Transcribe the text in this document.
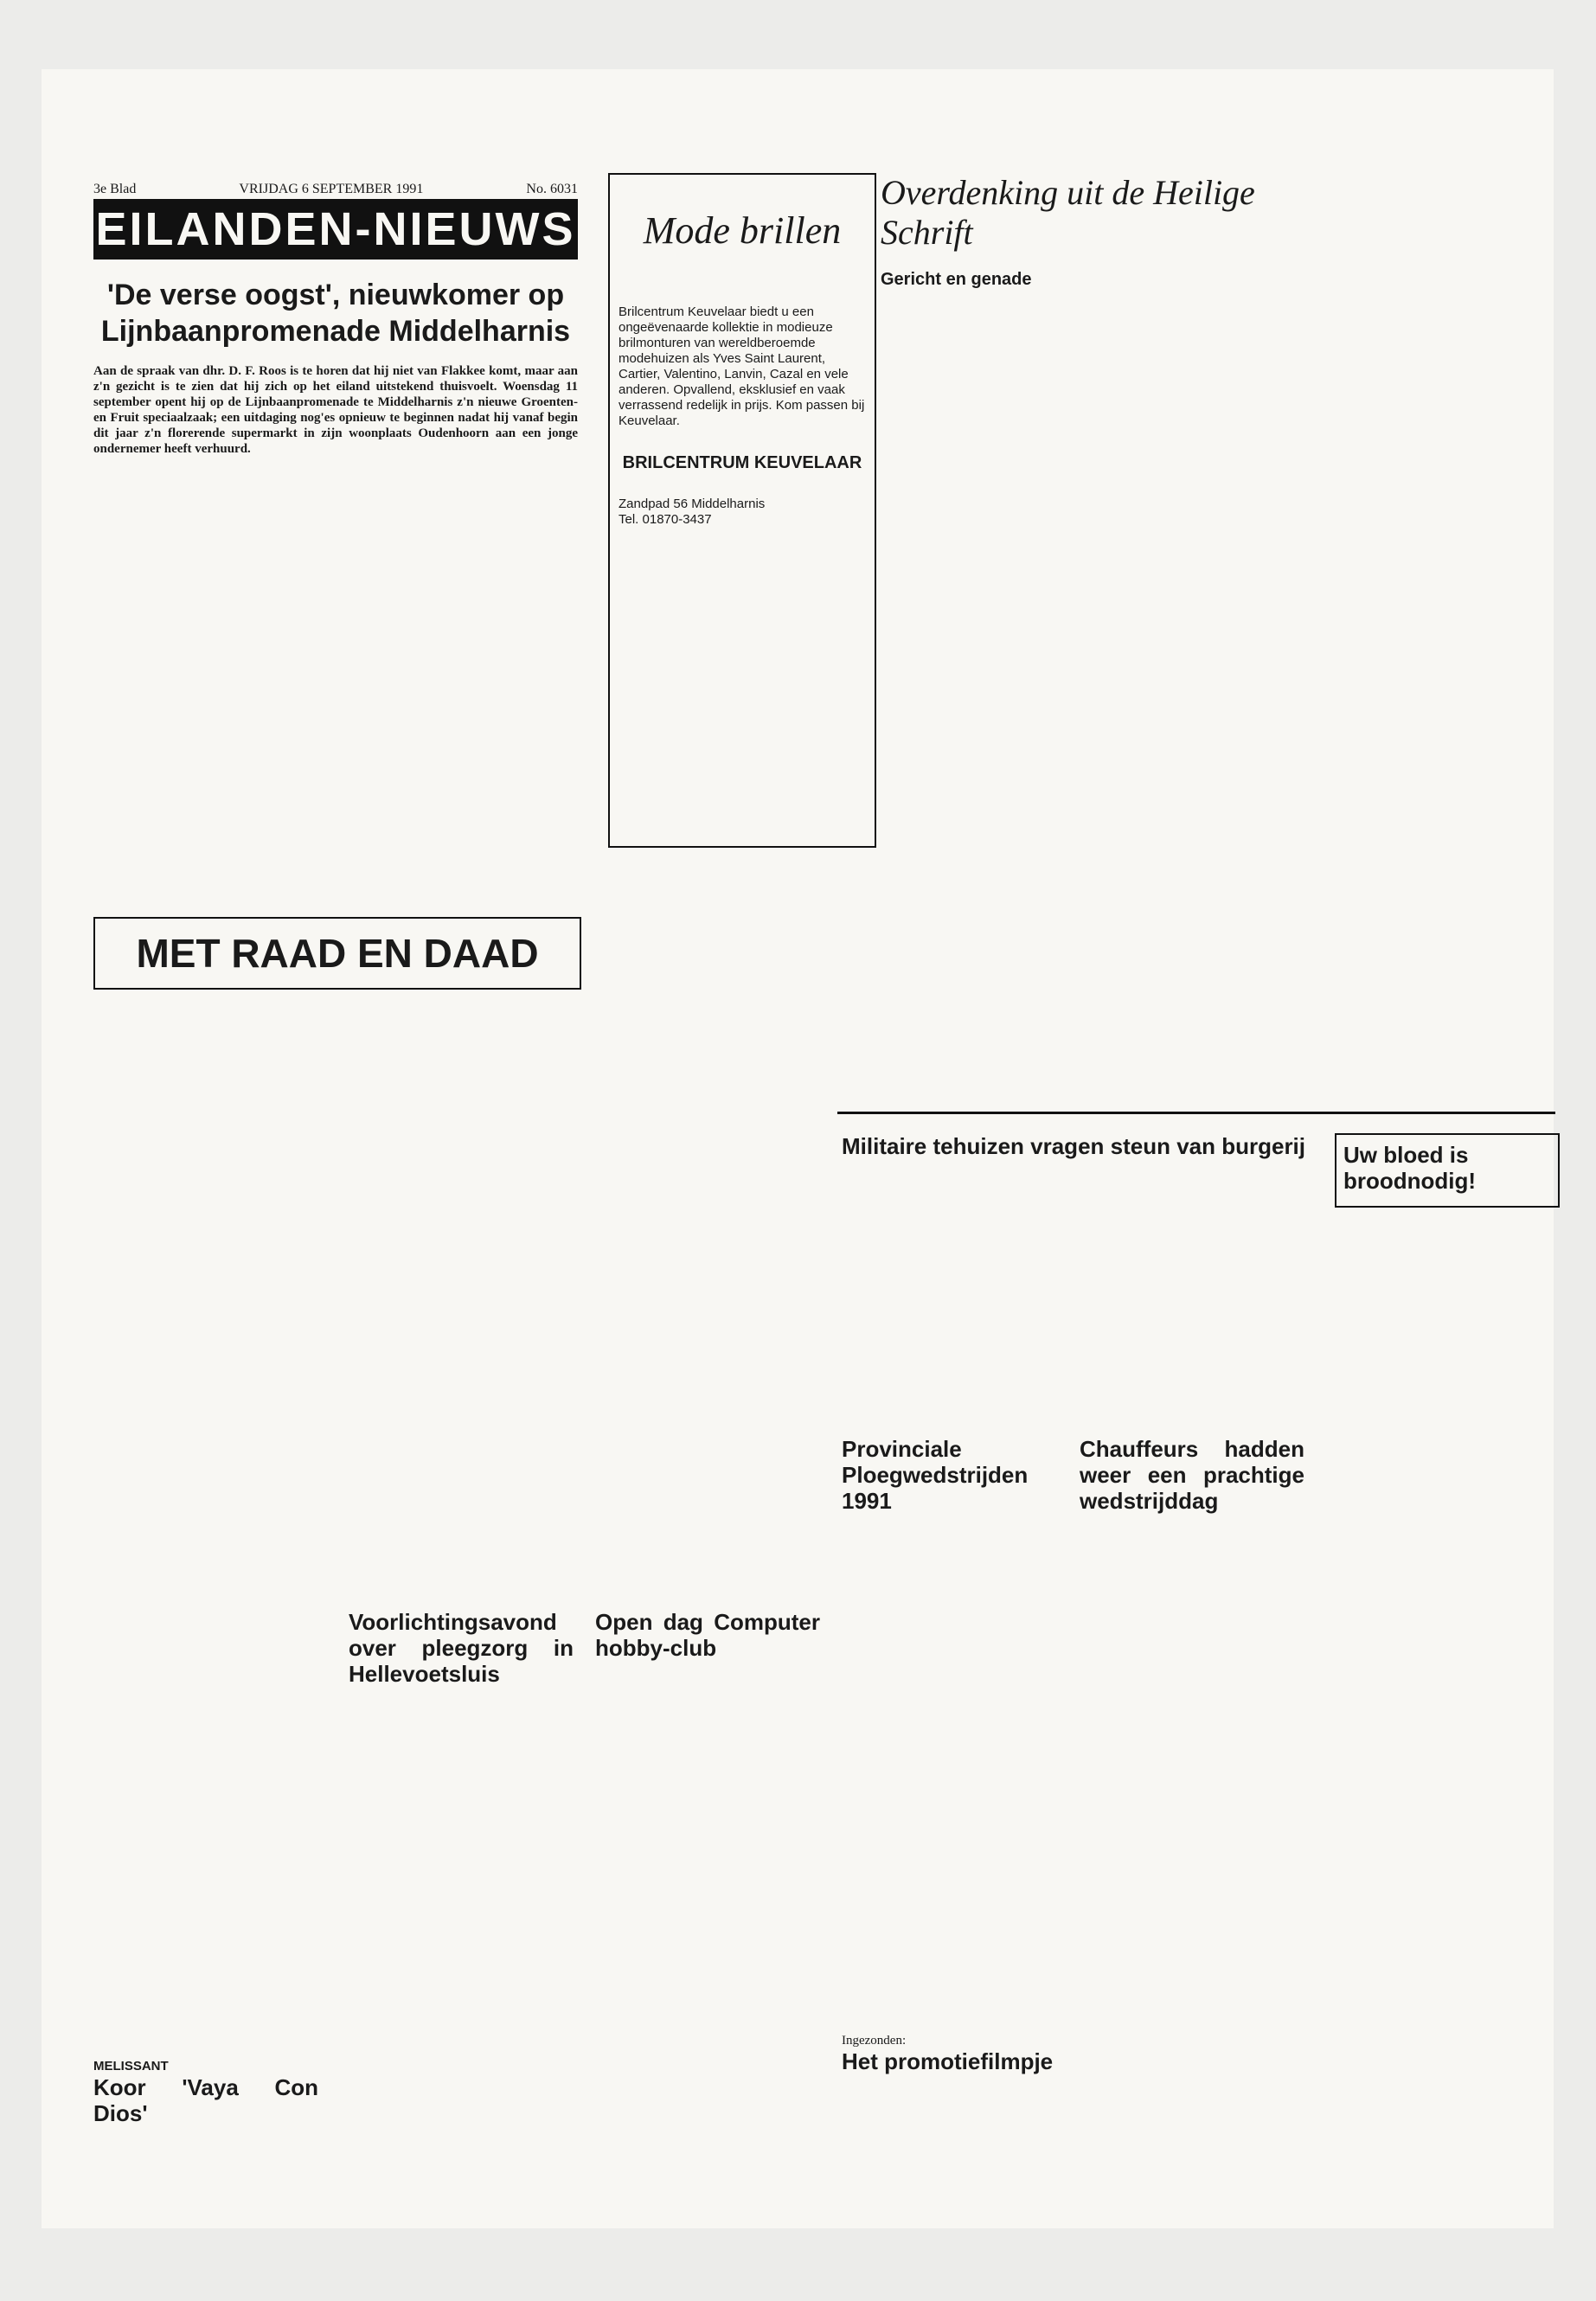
3e Blad	VRIJDAG 6 SEPTEMBER 1991	No. 6031
EILANDEN-NIEUWS
'De verse oogst', nieuwkomer op Lijnbaanpromenade Middelharnis
Aan de spraak van dhr. D. F. Roos is te horen dat hij niet van Flakkee komt, maar aan z'n gezicht is te zien dat hij zich op het eiland uitstekend thuisvoelt. Woensdag 11 september opent hij op de Lijnbaanpromenade te Middelharnis z'n nieuwe Groenten- en Fruit speciaalzaak; een uitdaging nog'es opnieuw te beginnen nadat hij vanaf begin dit jaar z'n florerende supermarkt in zijn woonplaats Oudenhoorn aan een jonge ondernemer heeft verhuurd.
Mode brillen
Brilcentrum Keuvelaar biedt u een ongeëvenaarde kollektie in modieuze brilmonturen van wereldberoemde modehuizen als Yves Saint Laurent, Cartier, Valentino, Lanvin, Cazal en vele anderen. Opvallend, eksklusief en vaak verrassend redelijk in prijs. Kom passen bij Keuvelaar.
BRILCENTRUM KEUVELAAR
Zandpad 56 Middelharnis
Tel. 01870-3437
Overdenking uit de Heilige Schrift
Gericht en genade
MET RAAD EN DAAD
Militaire tehuizen vragen steun van burgerij	Uw bloed is broodnodig!
Provinciale Ploegwedstrijden 1991
Chauffeurs hadden weer een prachtige wedstrijddag
Voorlichtingsavond over pleegzorg in Hellevoetsluis
Open dag Computer hobby-club
MELISSANT
Koor 'Vaya Con Dios'
Ingezonden:
Het promotiefilmpje
